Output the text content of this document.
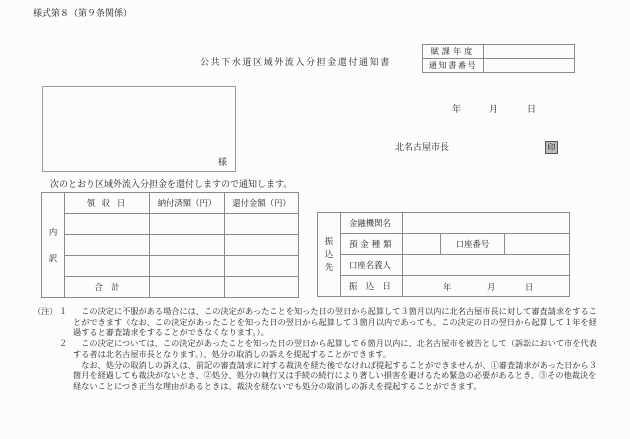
様式第８（第９条関係）
公共下水道区域外流入分担金還付通知書
賦課年度	
通知書番号	
様
年	月	日
北名古屋市長	印
次のとおり区域外流入分担金を還付しますので通知します。
内
訳	領 収 日	納付済額（円）	還付金額（円）

	合　計		
振
込
先	金融機関名			
	預金種類		口座番号	
	口座名義人			
	振　込　日	年 月 日		
（注） １	この決定に不服がある場合には、この決定があったことを知った日の翌日から起算して３箇月以内に北名古屋市長に対して審査請求をすることができます（なお、この決定があったことを知った日の翌日から起算して３箇月以内であっても、この決定の日の翌日から起算して１年を経過すると審査請求をすることができなくなります。）。
２	この決定については、この決定があったことを知った日の翌日から起算して６箇月以内に、北名古屋市を被告として（訴訟において市を代表する者は北名古屋市長となります。）、処分の取消しの訴えを提起することができます。
なお、処分の取消しの訴えは、前記の審査請求に対する裁決を経た後でなければ提起することができませんが、①審査請求があった日から３箇月を経過しても裁決がないとき、②処分、処分の執行又は手続の続行により著しい損害を避けるため緊急の必要があるとき、③その他裁決を経ないことにつき正当な理由があるときは、裁決を経ないでも処分の取消しの訴えを提起することができます。
